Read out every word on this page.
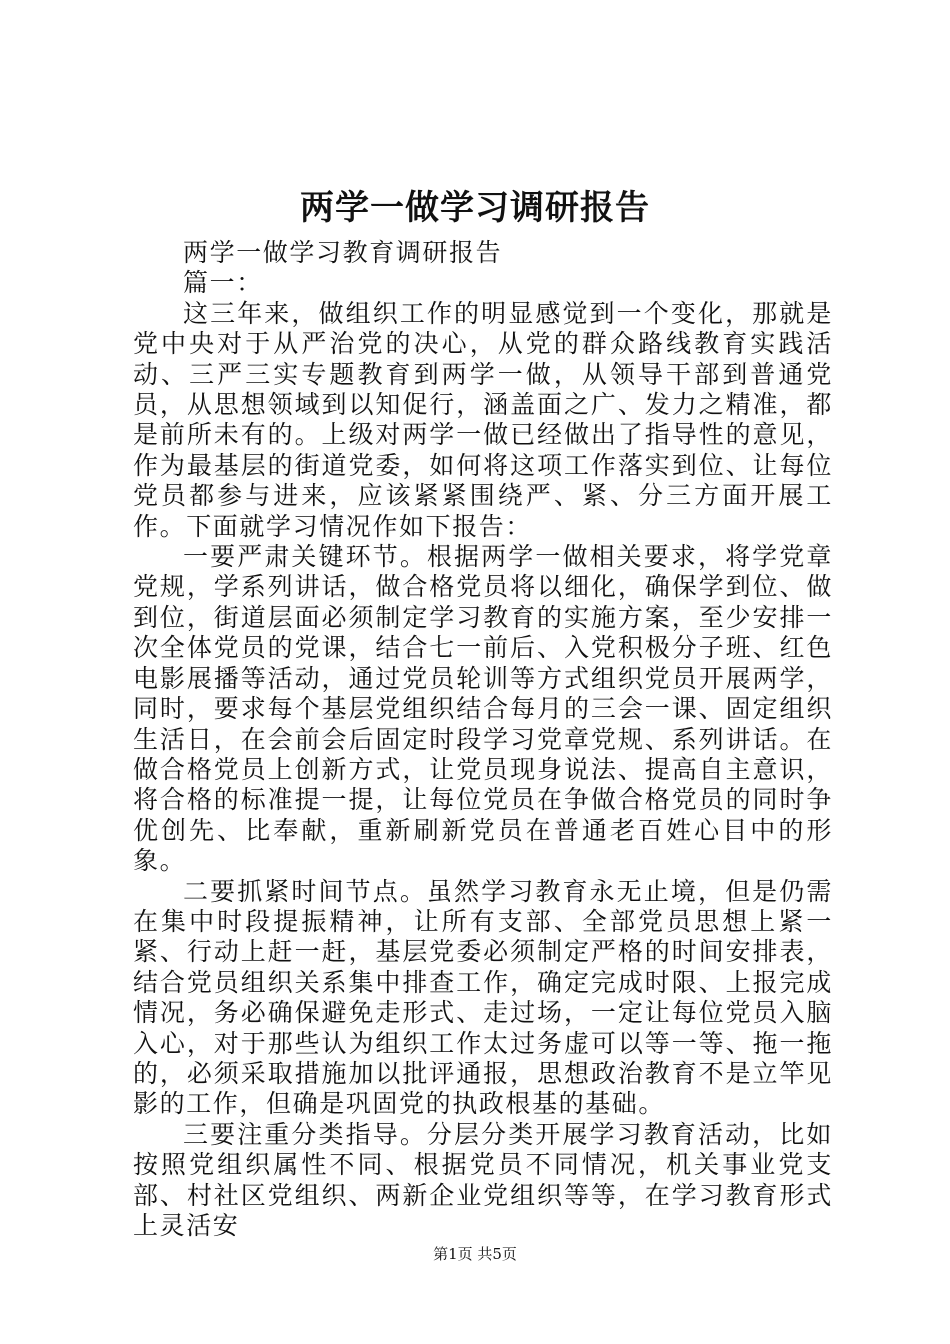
两学一做学习调研报告

两学一做学习教育调研报告

篇一：

这三年来，做组织工作的明显感觉到一个变化，那就是党中央对于从严治党的决心，从党的群众路线教育实践活动、三严三实专题教育到两学一做，从领导干部到普通党员，从思想领域到以知促行，涵盖面之广、发力之精准，都是前所未有的。上级对两学一做已经做出了指导性的意见，作为最基层的街道党委，如何将这项工作落实到位、让每位党员都参与进来，应该紧紧围绕严、紧、分三方面开展工作。下面就学习情况作如下报告：

一要严肃关键环节。根据两学一做相关要求，将学党章党规，学系列讲话，做合格党员将以细化，确保学到位、做到位，街道层面必须制定学习教育的实施方案，至少安排一次全体党员的党课，结合七一前后、入党积极分子班、红色电影展播等活动，通过党员轮训等方式组织党员开展两学，同时，要求每个基层党组织结合每月的三会一课、固定组织生活日，在会前会后固定时段学习党章党规、系列讲话。在做合格党员上创新方式，让党员现身说法、提高自主意识，将合格的标准提一提，让每位党员在争做合格党员的同时争优创先、比奉献，重新刷新党员在普通老百姓心目中的形象。

二要抓紧时间节点。虽然学习教育永无止境，但是仍需在集中时段提振精神，让所有支部、全部党员思想上紧一紧、行动上赶一赶，基层党委必须制定严格的时间安排表，结合党员组织关系集中排查工作，确定完成时限、上报完成情况，务必确保避免走形式、走过场，一定让每位党员入脑入心，对于那些认为组织工作太过务虚可以等一等、拖一拖的，必须采取措施加以批评通报，思想政治教育不是立竿见影的工作，但确是巩固党的执政根基的基础。

三要注重分类指导。分层分类开展学习教育活动，比如按照党组织属性不同、根据党员不同情况，机关事业党支部、村社区党组织、两新企业党组织等等，在学习教育形式上灵活安

第1页 共5页
